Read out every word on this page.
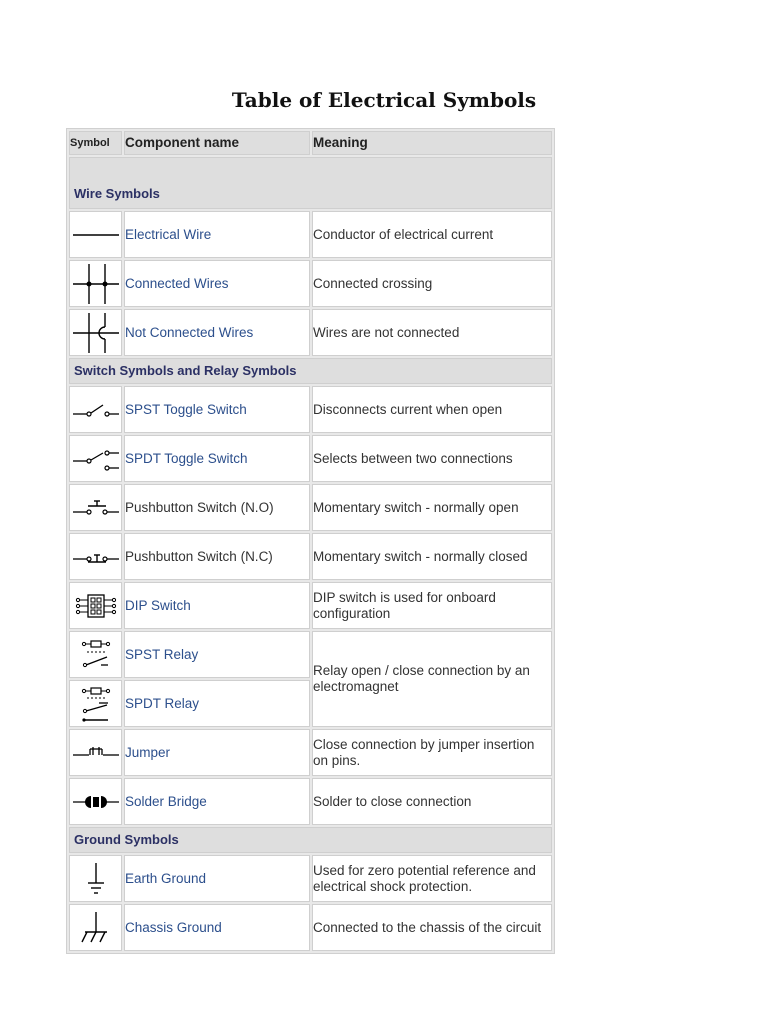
Table of Electrical Symbols
Symbol	Component name	Meaning
Wire Symbols		

	Electrical Wire	Conductor of electrical current

	Connected Wires	Connected crossing

	Not Connected Wires	Wires are not connected
Switch Symbols and Relay Symbols		

	SPST Toggle Switch	Disconnects current when open

	SPDT Toggle Switch	Selects between two connections

	Pushbutton Switch (N.O)	Momentary switch - normally open

	Pushbutton Switch (N.C)	Momentary switch - normally closed

	DIP Switch	DIP switch is used for onboard configuration

	SPST Relay	Relay open / close connection by an electromagnet

	SPDT Relay	

	Jumper	Close connection by jumper insertion on pins.

	Solder Bridge	Solder to close connection
Ground Symbols		

	Earth Ground	Used for zero potential reference and electrical shock protection.

	Chassis Ground	Connected to the chassis of the circuit
